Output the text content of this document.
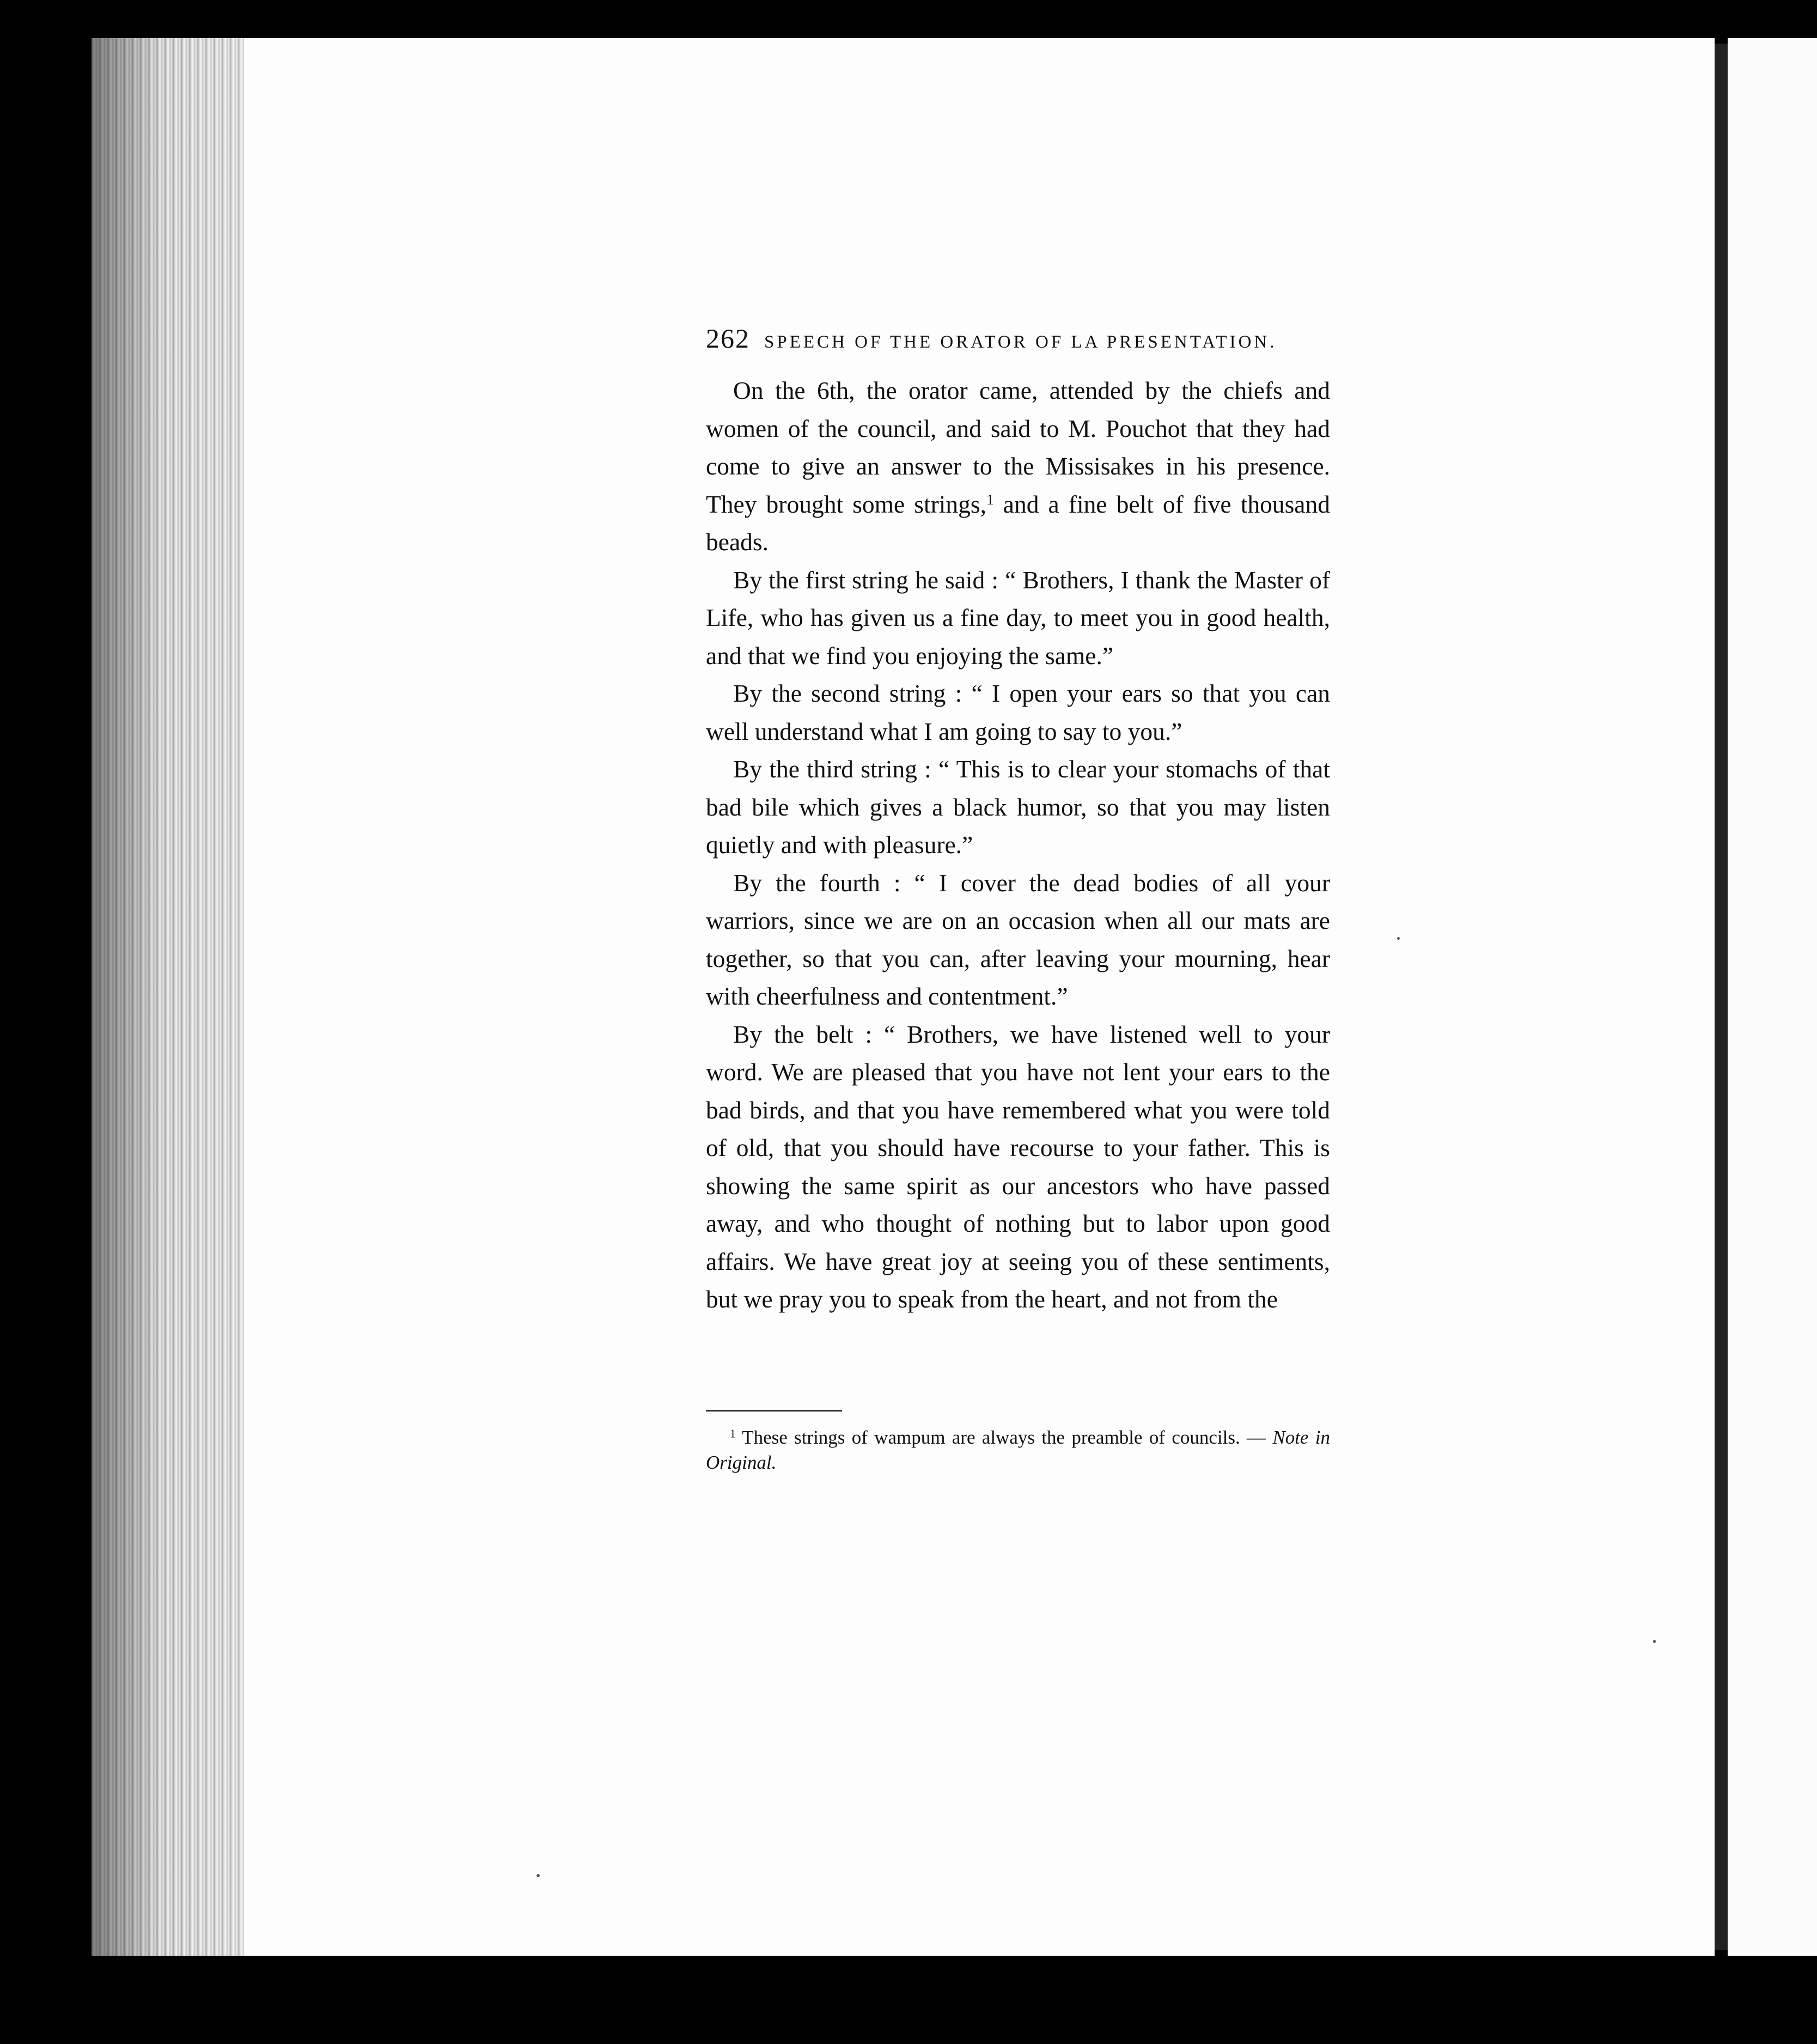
262 SPEECH OF THE ORATOR OF LA PRESENTATION.

On the 6th, the orator came, attended by the chiefs and women of the council, and said to M. Pouchot that they had come to give an answer to the Missisakes in his presence. They brought some strings,$^1$ and a fine belt of five thousand beads.

By the first string he said : “ Brothers, I thank the Master of Life, who has given us a fine day, to meet you in good health, and that we find you enjoying the same.”

By the second string : “ I open your ears so that you can well understand what I am going to say to you.”

By the third string : “ This is to clear your stomachs of that bad bile which gives a black humor, so that you may listen quietly and with pleasure.”

By the fourth : “ I cover the dead bodies of all your warriors, since we are on an occasion when all our mats are together, so that you can, after leaving your mourning, hear with cheerfulness and contentment.”

By the belt : “ Brothers, we have listened well to your word. We are pleased that you have not lent your ears to the bad birds, and that you have remembered what you were told of old, that you should have recourse to your father. This is showing the same spirit as our ancestors who have passed away, and who thought of nothing but to labor upon good affairs. We have great joy at seeing you of these sentiments, but we pray you to speak from the heart, and not from the

$^1$ These strings of wampum are always the preamble of councils. — Note in Original.
